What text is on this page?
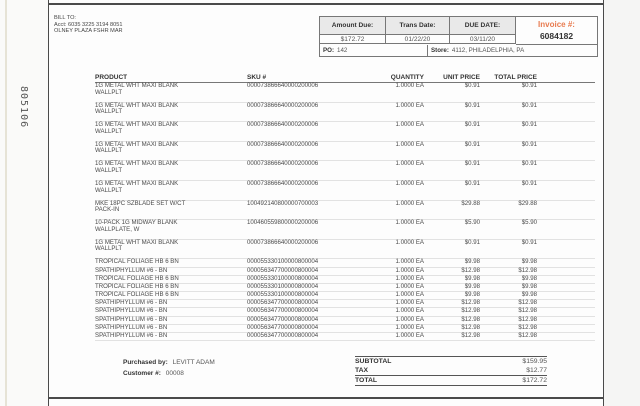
805106
BILL TO:
Acct: 6035 3225 3194 8051
OLNEY PLAZA FSHR MAR
Amount Due:	Trans Date:	DUE DATE:
$172.72	01/22/20	03/11/20
Invoice #:
6084182
PO: 142	Store: 4112, PHILADELPHIA, PA
PRODUCT	SKU #	QUANTITY	UNIT PRICE	TOTAL PRICE
1G METAL WHT MAXI BLANK WALLPLT
000073866640000200006	1.0000 EA	$0.91	$0.91
1G METAL WHT MAXI BLANK WALLPLT
000073866640000200006	1.0000 EA	$0.91	$0.91
1G METAL WHT MAXI BLANK WALLPLT
000073866640000200006	1.0000 EA	$0.91	$0.91
1G METAL WHT MAXI BLANK WALLPLT
000073866640000200006	1.0000 EA	$0.91	$0.91
1G METAL WHT MAXI BLANK WALLPLT
000073866640000200006	1.0000 EA	$0.91	$0.91
1G METAL WHT MAXI BLANK WALLPLT
000073866640000200006	1.0000 EA	$0.91	$0.91
MKE 18PC SZBLADE SET W/CT PACK-IN
100492140800000700003	1.0000 EA	$29.88	$29.88
10-PACK 1G MIDWAY BLANK WALLPLATE, W
100460559800000200006	1.0000 EA	$5.90	$5.90
1G METAL WHT MAXI BLANK WALLPLT
000073866640000200006	1.0000 EA	$0.91	$0.91
TROPICAL FOLIAGE HB 6 BN	000055330100000800004	1.0000 EA	$9.98	$9.98
SPATHIPHYLLUM #6 - BN	000056347700000800004	1.0000 EA	$12.98	$12.98
TROPICAL FOLIAGE HB 6 BN	000055330100000800004	1.0000 EA	$9.98	$9.98
TROPICAL FOLIAGE HB 6 BN	000055330100000800004	1.0000 EA	$9.98	$9.98
TROPICAL FOLIAGE HB 6 BN	000055330100000800004	1.0000 EA	$9.98	$9.98
SPATHIPHYLLUM #6 - BN	000056347700000800004	1.0000 EA	$12.98	$12.98
SPATHIPHYLLUM #6 - BN	000056347700000800004	1.0000 EA	$12.98	$12.98
SPATHIPHYLLUM #6 - BN	000056347700000800004	1.0000 EA	$12.98	$12.98
SPATHIPHYLLUM #6 - BN	000056347700000800004	1.0000 EA	$12.98	$12.98
SPATHIPHYLLUM #6 - BN	000056347700000800004	1.0000 EA	$12.98	$12.98
Purchased by: LEVITT ADAM
Customer #: 00008
SUBTOTAL	$159.95
TAX	$12.77
TOTAL	$172.72
